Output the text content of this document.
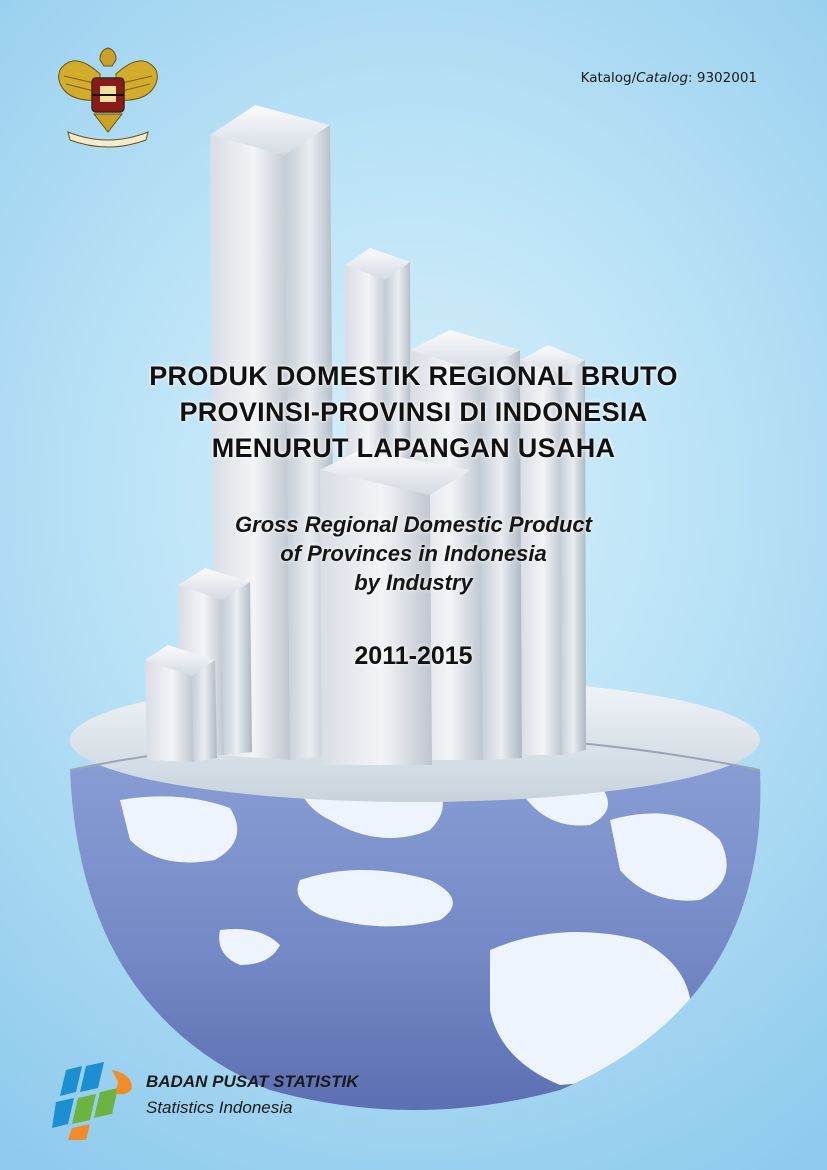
Katalog/Catalog: 9302001
PRODUK DOMESTIK REGIONAL BRUTO
PROVINSI-PROVINSI DI INDONESIA
MENURUT LAPANGAN USAHA
Gross Regional Domestic Product
of Provinces in Indonesia
by Industry
2011-2015
BADAN PUSAT STATISTIK
Statistics Indonesia
